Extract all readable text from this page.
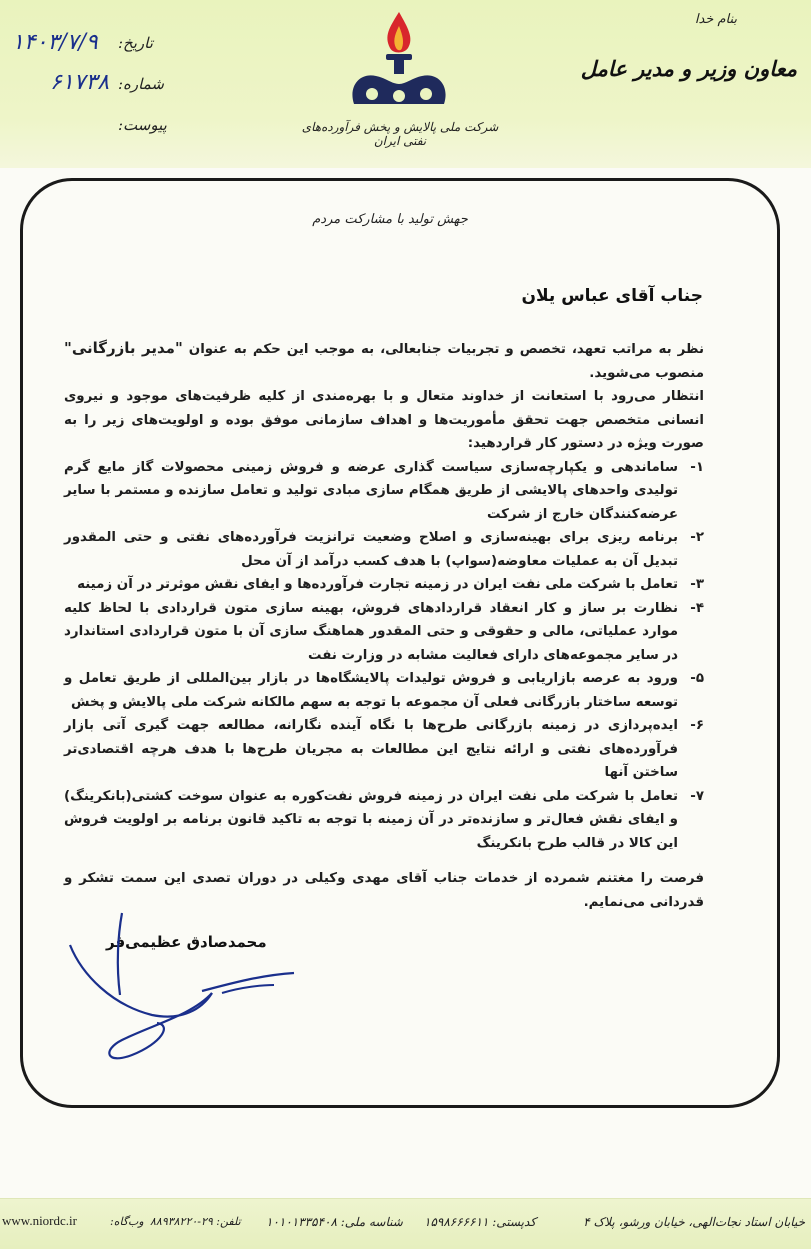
بنام خدا
معاون وزیر و مدیر عامل
شرکت ملی پالایش و پخش فرآورده‌های نفتی ایران
تاریخ:
۱۴۰۳/۷/۹
شماره:
۶۱۷۳۸
پیوست:
جهش تولید با مشارکت مردم
جناب آقای عباس یلان

نظر به مراتب تعهد، تخصص و تجربیات جنابعالی، به موجب این حکم به عنوان "مدیر بازرگانی" منصوب می‌شوید.

انتظار می‌رود با استعانت از خداوند متعال و با بهره‌مندی از کلیه ظرفیت‌های موجود و نیروی انسانی متخصص جهت تحقق مأموریت‌ها و اهداف سازمانی موفق بوده و اولویت‌های زیر را به صورت ویژه در دستور کار قراردهید:

۱-
ساماندهی و یکپارچه‌سازی سیاست گذاری عرضه و فروش زمینی محصولات گاز مایع گرم تولیدی واحدهای پالایشی از طریق همگام سازی مبادی تولید و تعامل سازنده و مستمر با سایر عرضه‌کنندگان خارج از شرکت
۲-
برنامه ریزی برای بهینه‌سازی و اصلاح وضعیت ترانزیت فرآورده‌های نفتی و حتی المقدور تبدیل آن به عملیات معاوضه(سواپ) با هدف کسب درآمد از آن محل
۳-
تعامل با شرکت ملی نفت ایران در زمینه تجارت فرآورده‌ها و ایفای نقش موثرتر در آن زمینه
۴-
نظارت بر ساز و کار انعقاد قراردادهای فروش، بهینه سازی متون قراردادی با لحاظ کلیه موارد عملیاتی، مالی و حقوقی و حتی المقدور هماهنگ سازی آن با متون قراردادی استاندارد در سایر مجموعه‌های دارای فعالیت مشابه در وزارت نفت
۵-
ورود به عرصه بازاریابی و فروش تولیدات پالایشگاه‌ها در بازار بین‌المللی از طریق تعامل و توسعه ساختار بازرگانی فعلی آن مجموعه با توجه به سهم مالکانه شرکت ملی پالایش و پخش
۶-
ایده‌پردازی در زمینه بازرگانی طرح‌ها با نگاه آینده نگارانه، مطالعه جهت گیری آتی بازار فرآورده‌های نفتی و ارائه نتایج این مطالعات به مجریان طرح‌ها با هدف هرچه اقتصادی‌تر ساختن آنها
۷-
تعامل با شرکت ملی نفت ایران در زمینه فروش نفت‌کوره به عنوان سوخت کشتی(بانکرینگ) و ایفای نقش فعال‌تر و سازنده‌تر در آن زمینه با توجه به تاکید قانون برنامه بر اولویت فروش این کالا در قالب طرح بانکرینگ

فرصت را مغتنم شمرده از خدمات جناب آقای مهدی وکیلی در دوران تصدی این سمت تشکر و قدردانی می‌نمایم.

محمدصادق عظیمی‌فر
خیابان استاد نجات‌الهی، خیابان ورشو، پلاک ۴
کدپستی: ۱۵۹۸۶۶۶۶۱۱
شناسه ملی: ۱۰۱۰۱۳۳۵۴۰۸
تلفن: ۲۹-۸۸۹۳۸۲۲۰
وب‌گاه:
www.niordc.ir
